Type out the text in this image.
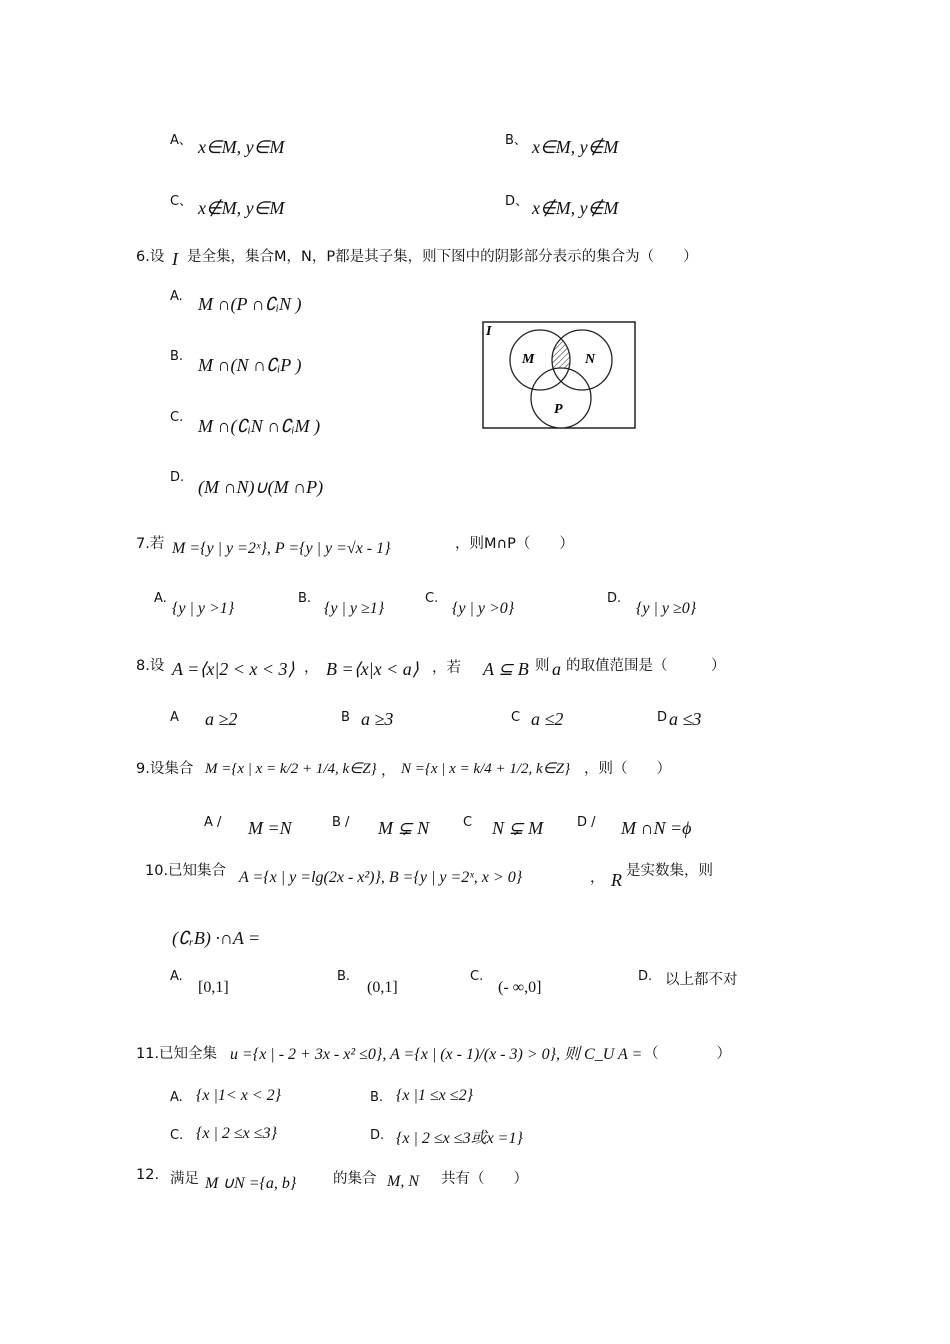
A、 x∈M, y∈M	B、 x∈M, y∉M
C、 x∉M, y∈M	D、 x∉M, y∉M
6.设 I 是全集，集合M，N，P都是其子集，则下图中的阴影部分表示的集合为（　　）
A. M ∩(P ∩∁ᵢN )
B. M ∩(N ∩∁ᵢP )
C. M ∩(∁ᵢN ∩∁ᵢM )
D. (M ∩N)∪(M ∩P)
I
M	N
P
7.若 M ={y | y =2ˣ}, P ={y | y =√x - 1}	，则M∩P（　　）
A.
{y | y >1}
B.
{y | y ≥1}
C.
{y | y >0}
D.
{y | y ≥0}
8.设 A =⟨x|2 < x < 3⟩ ， B =⟨x|x < a⟩ ，若 A ⊆ B 则 a 的取值范围是（　　　）
A a ≥2	B a ≥3	C a ≤2	D a ≤3
9.设集合 M ={x | x = k/2 + 1/4, k∈Z} ， N ={x | x = k/4 + 1/2, k∈Z} ，则（　　）
A / M =N	B / M ⊊ N	C N ⊊ M	D / M ∩N =ϕ
10.已知集合 A ={x | y =lg(2x - x²)}, B ={y | y =2ˣ, x > 0}	， R 是实数集，则
(∁ᵣB) ·∩A =
A.
[0,1]
B.
(0,1]
C.
(- ∞,0]
D. 以上都不对
11.已知全集 u ={x | - 2 + 3x - x² ≤0}, A ={x | (x - 1)/(x - 3) > 0}, 则 C_U A = （　　　　）
A. {x |1< x < 2}	B. {x |1 ≤x ≤2}
C. {x | 2 ≤x ≤3}	D. {x | 2 ≤x ≤3或x =1}
12. 满足 M ∪N ={a, b}	的集合 M, N 共有（　　）
